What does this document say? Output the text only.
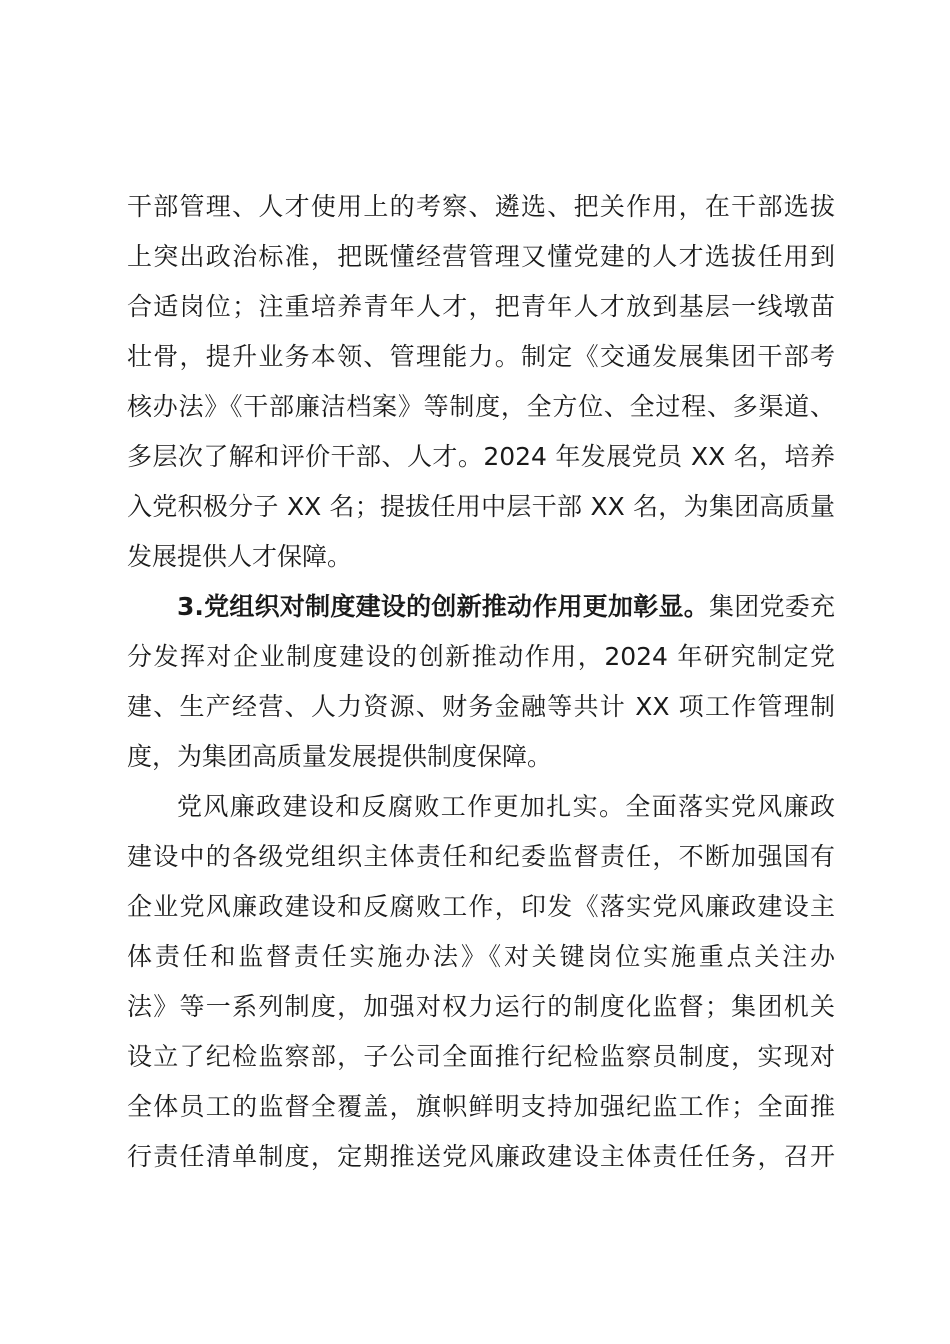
干部管理、人才使用上的考察、遴选、把关作用，在干部选拔
上突出政治标准，把既懂经营管理又懂党建的人才选拔任用到
合适岗位；注重培养青年人才，把青年人才放到基层一线墩苗
壮骨，提升业务本领、管理能力。制定《交通发展集团干部考
核办法》《干部廉洁档案》等制度，全方位、全过程、多渠道、
多层次了解和评价干部、人才。2024 年发展党员 XX 名，培养
入党积极分子 XX 名；提拔任用中层干部 XX 名，为集团高质量
发展提供人才保障。
3.党组织对制度建设的创新推动作用更加彰显。集团党委充
分发挥对企业制度建设的创新推动作用，2024 年研究制定党
建、生产经营、人力资源、财务金融等共计 XX 项工作管理制
度，为集团高质量发展提供制度保障。
党风廉政建设和反腐败工作更加扎实。全面落实党风廉政
建设中的各级党组织主体责任和纪委监督责任，不断加强国有
企业党风廉政建设和反腐败工作，印发《落实党风廉政建设主
体责任和监督责任实施办法》《对关键岗位实施重点关注办
法》等一系列制度，加强对权力运行的制度化监督；集团机关
设立了纪检监察部，子公司全面推行纪检监察员制度，实现对
全体员工的监督全覆盖，旗帜鲜明支持加强纪监工作；全面推
行责任清单制度，定期推送党风廉政建设主体责任任务，召开
